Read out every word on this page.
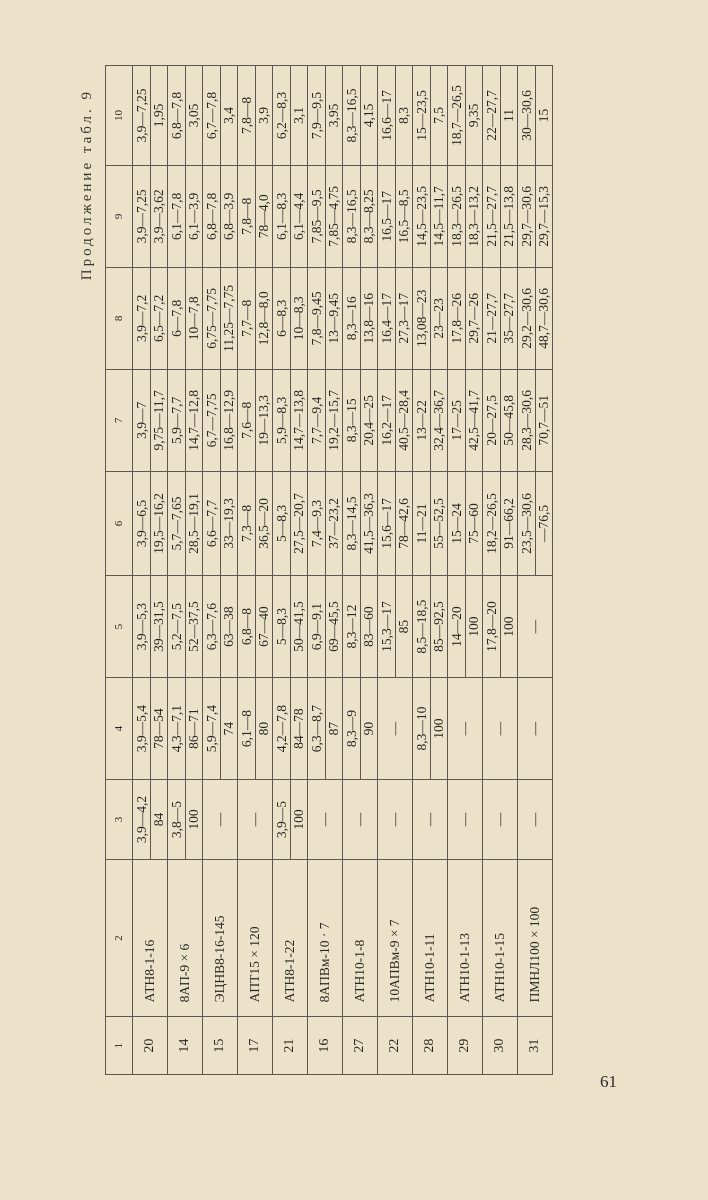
Продолжение табл. 9
1	2	3	4	5	6	7	8	9	10
20	АТН8-1-16	3,9—4,2 84	3,9—5,4 78—54	3,9—5,3 39—31,5	3,9—6,5 19,5—16,2	3,9—7 9,75—11,7	3,9—7,2 6,5—7,2	3,9—7,25 3,9—3,62	3,9—7,25 1,95

14	8АП-9 × 6	3,8—5 100	4,3—7,1 86—71	5,2—7,5 52—37,5	5,7—7,65 28,5—19,1	5,9—7,7 14,7—12,8	6—7,8 10—7,8	6,1—7,8 6,1—3,9	6,8—7,8 3,05

15	ЭЦНВ8-16-145	—	5,9—7,4 74	6,3—7,6 63—38	6,6—7,7 33—19,3	6,7—7,75 16,8—12,9	6,75—7,75 11,25—7,75	6,8—7,8 6,8—3,9	6,7—7,8 3,4

17	АПТ15 × 120	—	6,1—8 80	6,8—8 67—40	7,3—8 36,5—20	7,6—8 19—13,3	7,7—8 12,8—8,0	7,8—8 78—4,0	7,8—8 3,9

21	АТН8-1-22	3,9—5 100	4,2—7,8 84—78	5—8,3 50—41,5	5—8,3 27,5—20,7	5,9—8,3 14,7—13,8	6—8,3 10—8,3	6,1—8,3 6,1—4,4	6,2—8,3 3,1

16	8АПВм-10 · 7	—	6,3—8,7 87	6,9—9,1 69—45,5	7,4—9,3 37—23,2	7,7—9,4 19,2—15,7	7,8—9,45 13—9,45	7,85—9,5 7,85—4,75	7,9—9,5 3,95

27	АТН10-1-8	—	8,3—9 90	8,3—12 83—60	8,3—14,5 41,5—36,3	8,3—15 20,4—25	8,3—16 13,8—16	8,3—16,5 8,3—8,25	8,3—16,5 4,15

22	10АПВм-9 × 7	—	—	15,3—17 85	15,6—17 78—42,6	16,2—17 40,5—28,4	16,4—17 27,3—17	16,5—17 16,5—8,5	16,6—17 8,3

28	АТН10-1-11	—	8,3—10 100	8,5—18,5 85—92,5	11—21 55—52,5	13—22 32,4—36,7	13,08—23 23—23	14,5—23,5 14,5—11,7	15—23,5 7,5

29	АТН10-1-13	—	—	14—20 100	15—24 75—60	17—25 42,5—41,7	17,8—26 29,7—26	18,3—26,5 18,3—13,2	18,7—26,5 9,35

30	АТН10-1-15	—	—	17,8—20 100	18,2—26,5 91—66,2	20—27,5 50—45,8	21—27,7 35—27,7	21,5—27,7 21,5—13,8	22—27,7 11

31	ПМНЛ100 × 100	—	—	—	23,5—30,6 —76,5	28,3—30,6 70,7—51	29,2—30,6 48,7—30,6	29,7—30,6 29,7—15,3	30—30,6 15
61
